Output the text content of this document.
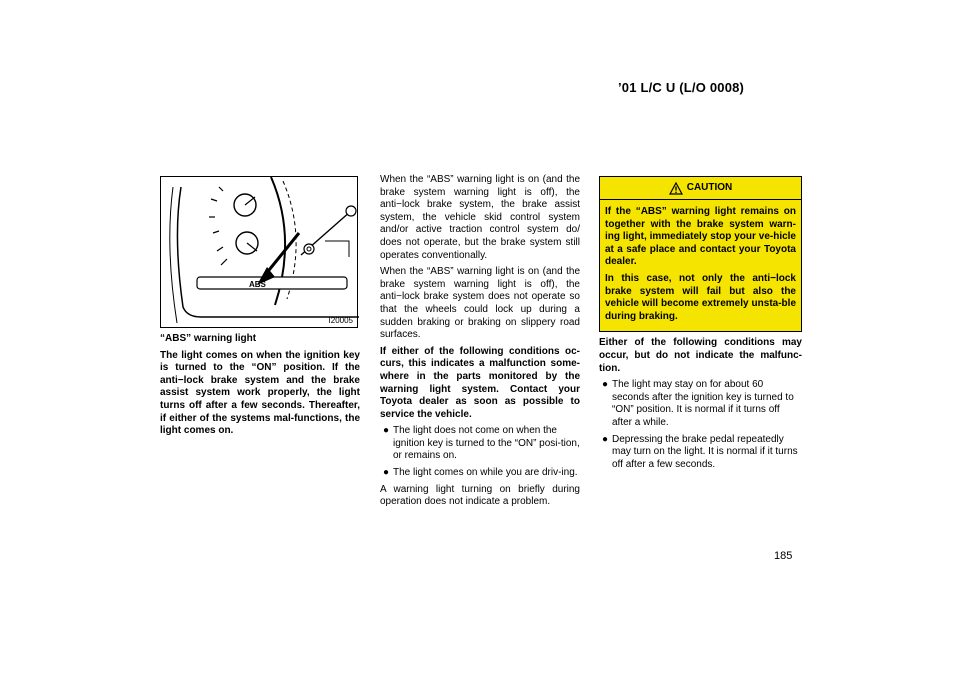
’01 L/C U (L/O 0008)
ABS
I20005
“ABS” warning light

The light comes on when the ignition key is turned to the “ON” position. If the anti−lock brake system and the brake assist system work properly, the light turns off after a few seconds. Thereafter, if either of the systems mal-functions, the light comes on.

When the “ABS” warning light is on (and the brake system warning light is off), the anti−lock brake system, the brake assist system, the vehicle skid control system and/or active traction control system do/ does not operate, but the brake system still operates conventionally.

When the “ABS” warning light is on (and the brake system warning light is off), the anti−lock brake system does not operate so that the wheels could lock up during a sudden braking or braking on slippery road surfaces.

If either of the following conditions oc-curs, this indicates a malfunction some-where in the parts monitored by the warning light system. Contact your Toyota dealer as soon as possible to service the vehicle.

● The light does not come on when the ignition key is turned to the “ON” posi-tion, or remains on.
● The light comes on while you are driv-ing.

A warning light turning on briefly during operation does not indicate a problem.

CAUTION

If the “ABS” warning light remains on together with the brake system warn-ing light, immediately stop your ve-hicle at a safe place and contact your Toyota dealer.

In this case, not only the anti−lock brake system will fail but also the vehicle will become extremely unsta-ble during braking.

Either of the following conditions may occur, but do not indicate the malfunc-tion.

● The light may stay on for about 60 seconds after the ignition key is turned to “ON” position. It is normal if it turns off after a while.
● Depressing the brake pedal repeatedly may turn on the light. It is normal if it turns off after a few seconds.
185
